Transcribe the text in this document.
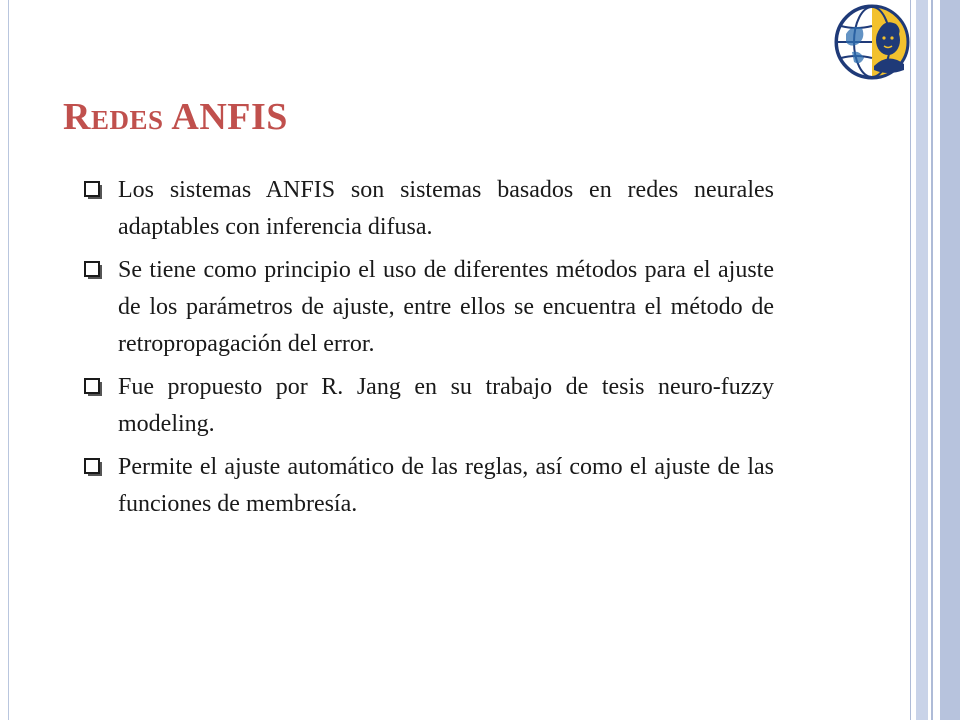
Redes ANFIS
Los sistemas ANFIS son sistemas basados en redes neurales adaptables con inferencia difusa.
Se tiene como principio el uso de diferentes métodos para el ajuste de los parámetros de ajuste, entre ellos se encuentra el método de retropropagación del error.
Fue propuesto por R. Jang en su trabajo de tesis neuro-fuzzy modeling.
Permite el ajuste automático de las reglas, así como el ajuste de las funciones de membresía.
